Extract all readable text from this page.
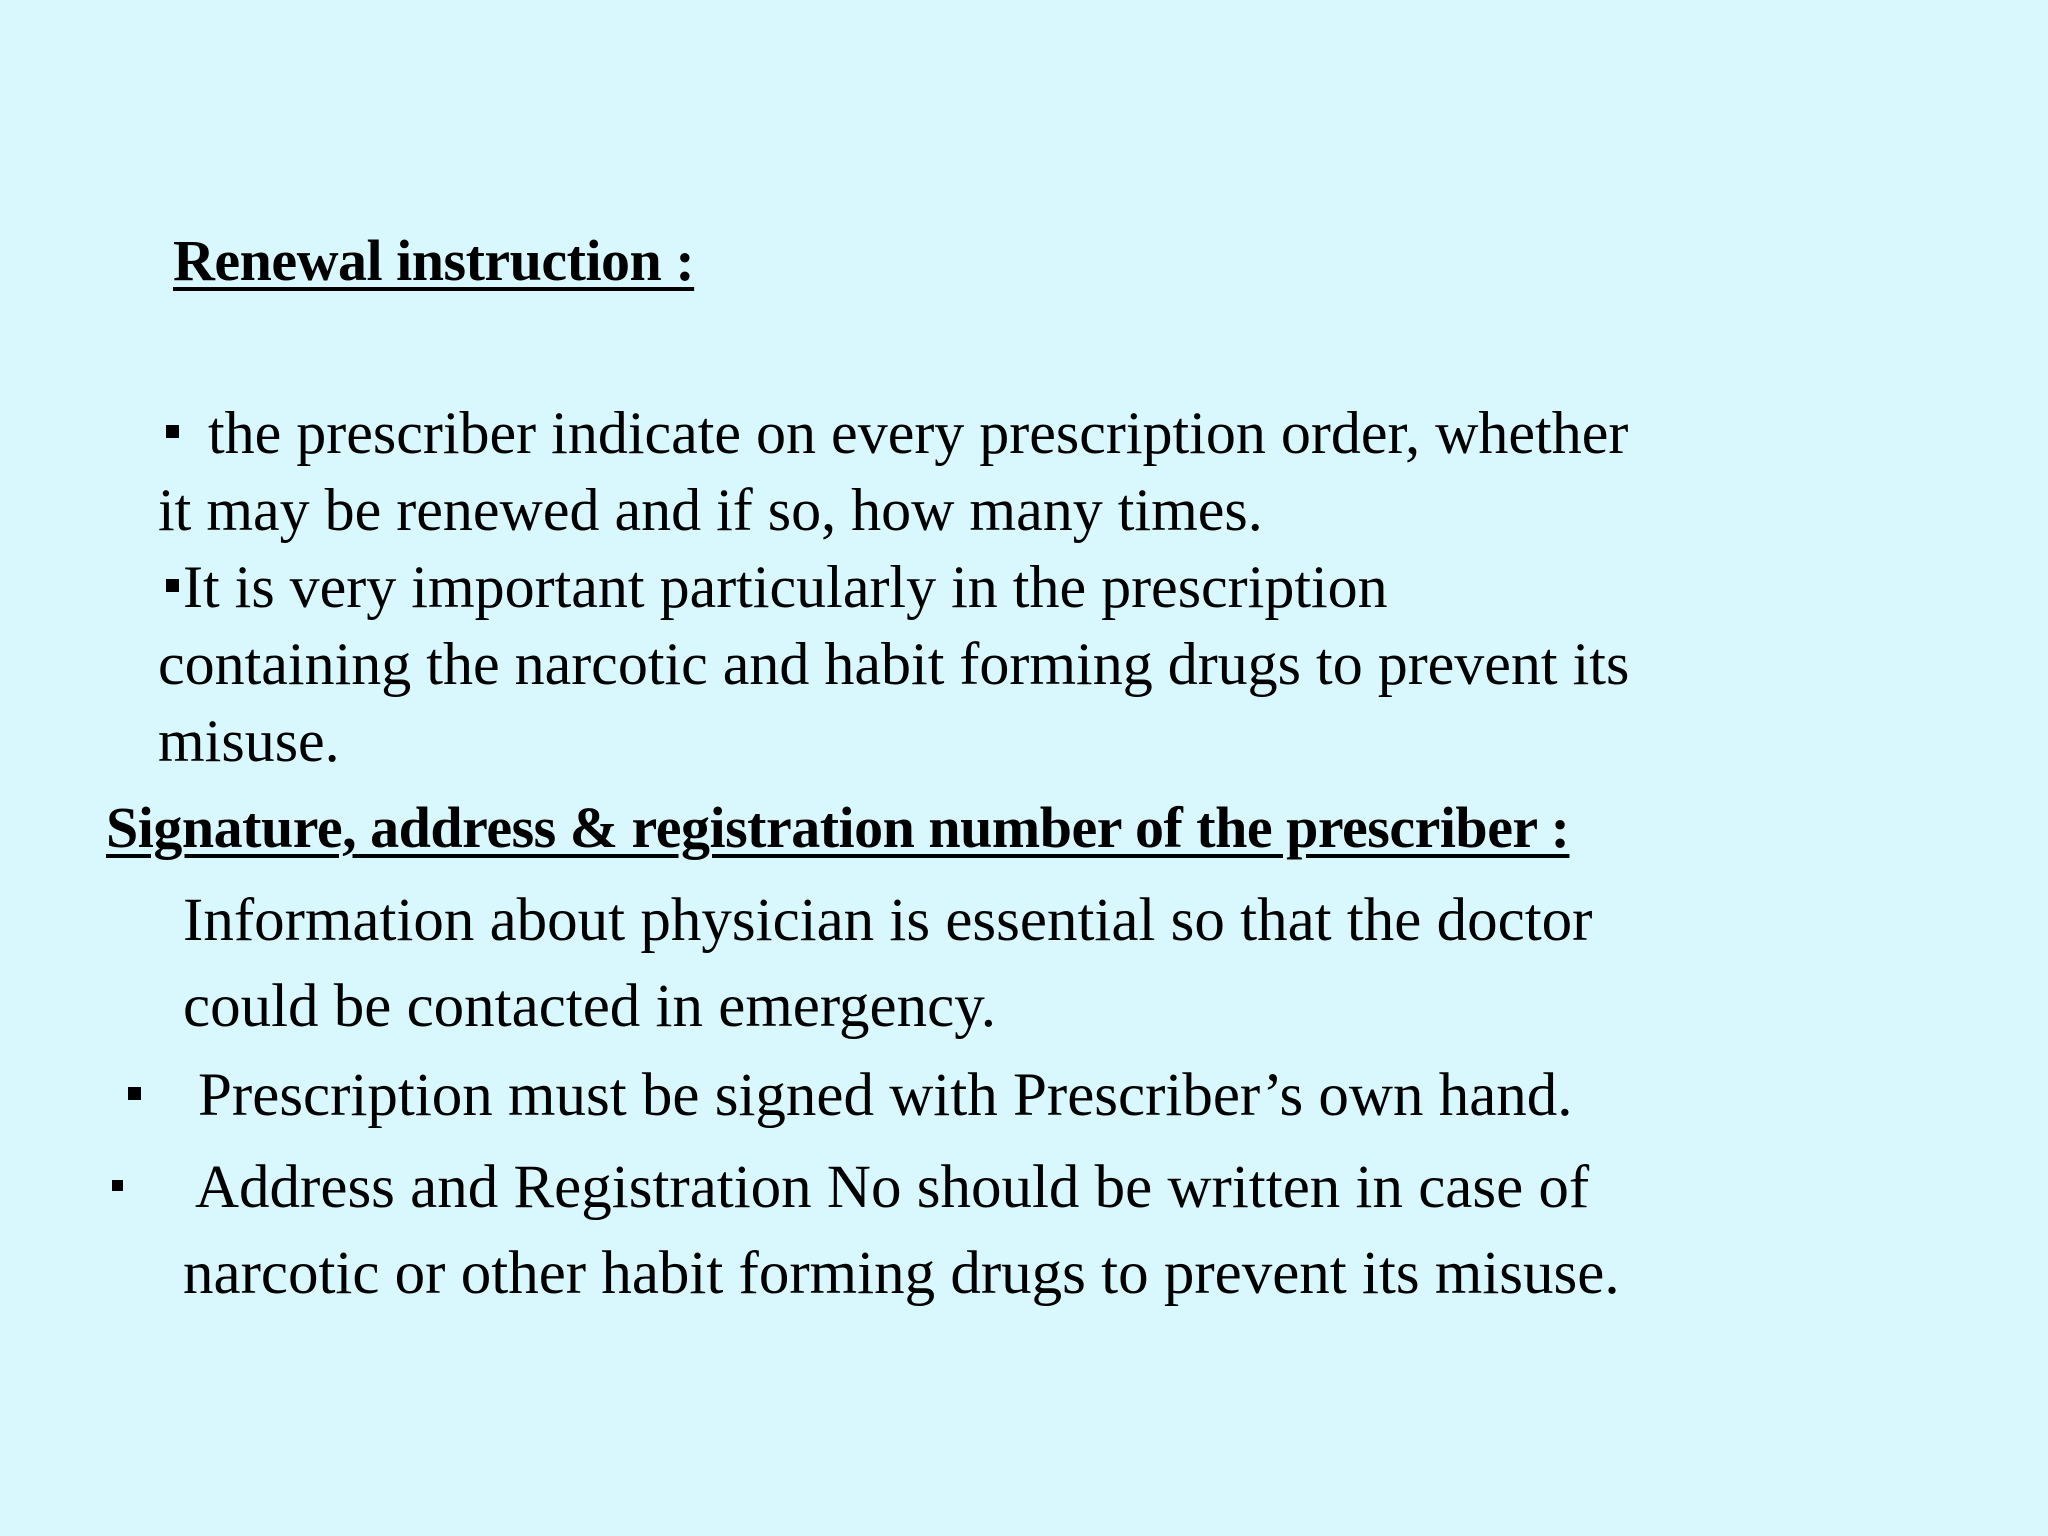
Renewal instruction :
the prescriber indicate on every prescription order, whether
it may be renewed and if so, how many times.
It is very important particularly in the prescription
containing the narcotic and habit forming drugs to prevent its
misuse.
Signature, address & registration number of the prescriber :
Information about physician is essential so that the doctor
could be contacted in emergency.
Prescription must be signed with Prescriber’s own hand.
Address and Registration No should be written in case of
narcotic or other habit forming drugs to prevent its misuse.
